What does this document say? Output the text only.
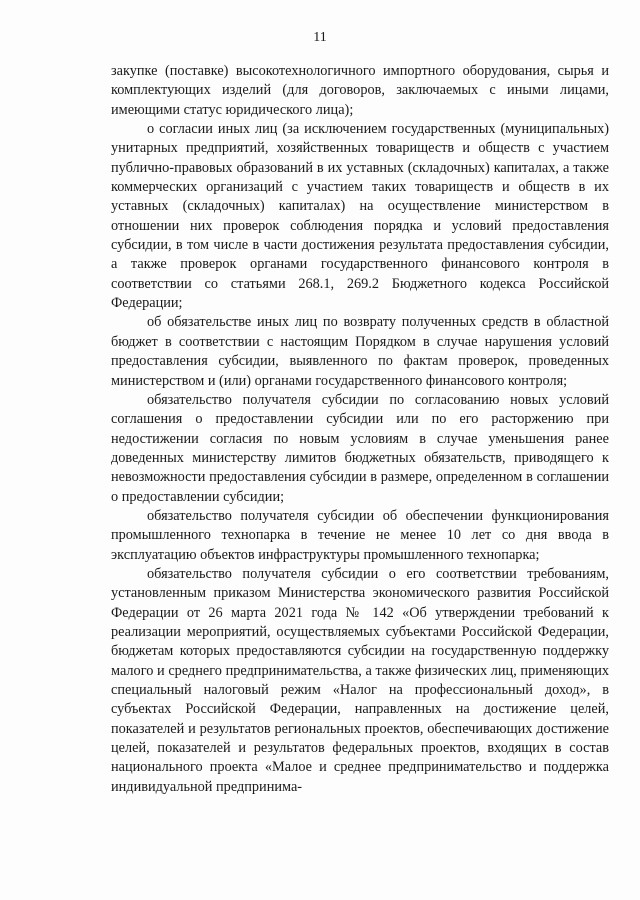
11

закупке (поставке) высокотехнологичного импортного оборудования, сырья и комплектующих изделий (для договоров, заключаемых с иными лицами, имеющими статус юридического лица);

о согласии иных лиц (за исключением государственных (муниципальных) унитарных предприятий, хозяйственных товариществ и обществ с участием публично-правовых образований в их уставных (складочных) капиталах, а также коммерческих организаций с участием таких товариществ и обществ в их уставных (складочных) капиталах) на осуществление министерством в отношении них проверок соблюдения порядка и условий предоставления субсидии, в том числе в части достижения результата предоставления субсидии, а также проверок органами государственного финансового контроля в соответствии со статьями 268.1, 269.2 Бюджетного кодекса Российской Федерации;

об обязательстве иных лиц по возврату полученных средств в областной бюджет в соответствии с настоящим Порядком в случае нарушения условий предоставления субсидии, выявленного по фактам проверок, проведенных министерством и (или) органами государственного финансового контроля;

обязательство получателя субсидии по согласованию новых условий соглашения о предоставлении субсидии или по его расторжению при недостижении согласия по новым условиям в случае уменьшения ранее доведенных министерству лимитов бюджетных обязательств, приводящего к невозможности предоставления субсидии в размере, определенном в соглашении о предоставлении субсидии;

обязательство получателя субсидии об обеспечении функционирования промышленного технопарка в течение не менее 10 лет со дня ввода в эксплуатацию объектов инфраструктуры промышленного технопарка;

обязательство получателя субсидии о его соответствии требованиям, установленным приказом Министерства экономического развития Российской Федерации от 26 марта 2021 года № 142 «Об утверждении требований к реализации мероприятий, осуществляемых субъектами Российской Федерации, бюджетам которых предоставляются субсидии на государственную поддержку малого и среднего предпринимательства, а также физических лиц, применяющих специальный налоговый режим «Налог на профессиональный доход», в субъектах Российской Федерации, направленных на достижение целей, показателей и результатов региональных проектов, обеспечивающих достижение целей, показателей и результатов федеральных проектов, входящих в состав национального проекта «Малое и среднее предпринимательство и поддержка индивидуальной предпринима-
